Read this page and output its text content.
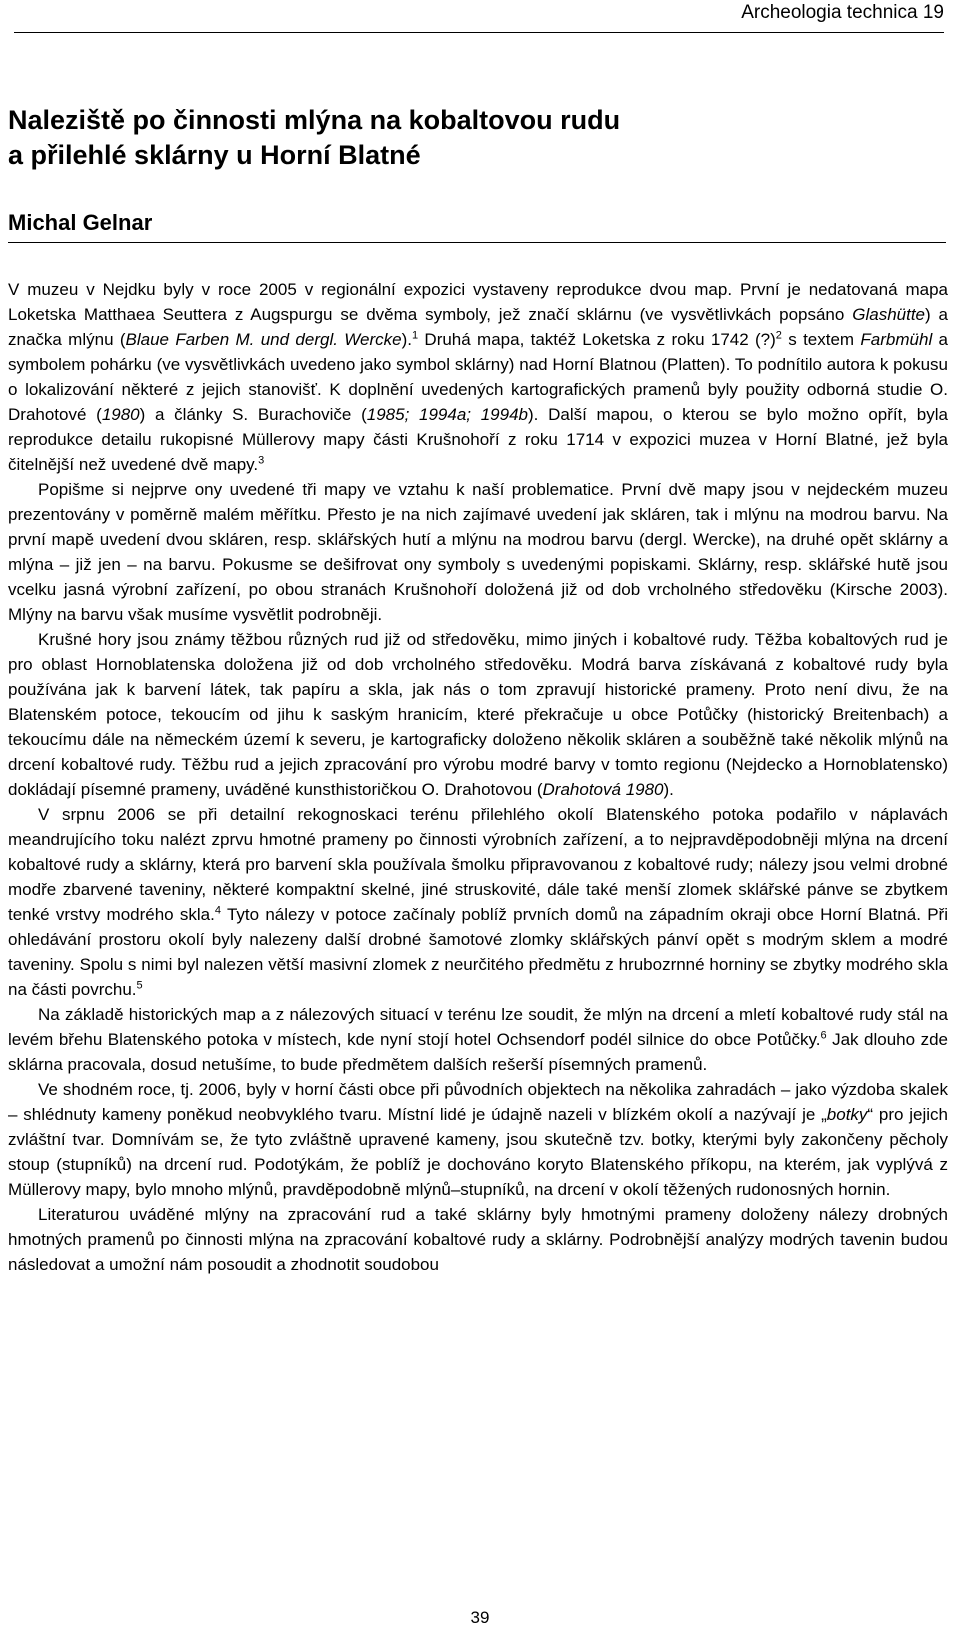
Archeologia technica 19
Naleziště po činnosti mlýna na kobaltovou rudu
a přilehlé sklárny u Horní Blatné
Michal Gelnar

V muzeu v Nejdku byly v roce 2005 v regionální expozici vystaveny reprodukce dvou map. První je nedatovaná mapa Loketska Matthaea Seuttera z Augspurgu se dvěma symboly, jež značí sklárnu (ve vysvětlivkách popsáno Glashütte) a značka mlýnu (Blaue Farben M. und dergl. Wercke).$^1$ Druhá mapa, taktéž Loketska z roku 1742 (?)$^2$ s textem Farbmühl a symbolem pohárku (ve vysvětlivkách uvedeno jako symbol sklárny) nad Horní Blatnou (Platten). To podnítilo autora k pokusu o lokalizování některé z jejich stanovišť. K doplnění uvedených kartografických pramenů byly použity odborná studie O. Drahotové (1980) a články S. Burachoviče (1985; 1994a; 1994b). Další mapou, o kterou se bylo možno opřít, byla reprodukce detailu rukopisné Müllerovy mapy části Krušnohoří z roku 1714 v expozici muzea v Horní Blatné, jež byla čitelnější než uvedené dvě mapy.$^3$

Popišme si nejprve ony uvedené tři mapy ve vztahu k naší problematice. První dvě mapy jsou v nejdeckém muzeu prezentovány v poměrně malém měřítku. Přesto je na nich zajímavé uvedení jak skláren, tak i mlýnu na modrou barvu. Na první mapě uvedení dvou skláren, resp. sklářských hutí a mlýnu na modrou barvu (dergl. Wercke), na druhé opět sklárny a mlýna – již jen – na barvu. Pokusme se dešifrovat ony symboly s uvedenými popiskami. Sklárny, resp. sklářské hutě jsou vcelku jasná výrobní zařízení, po obou stranách Krušnohoří doložená již od dob vrcholného středověku (Kirsche 2003). Mlýny na barvu však musíme vysvětlit podrobněji.

Krušné hory jsou známy těžbou různých rud již od středověku, mimo jiných i kobaltové rudy. Těžba kobaltových rud je pro oblast Hornoblatenska doložena již od dob vrcholného středověku. Modrá barva získávaná z kobaltové rudy byla používána jak k barvení látek, tak papíru a skla, jak nás o tom zpravují historické prameny. Proto není divu, že na Blatenském potoce, tekoucím od jihu k saským hranicím, které překračuje u obce Potůčky (historický Breitenbach) a tekoucímu dále na německém území k severu, je kartograficky doloženo několik skláren a souběžně také několik mlýnů na drcení kobaltové rudy. Těžbu rud a jejich zpracování pro výrobu modré barvy v tomto regionu (Nejdecko a Hornoblatensko) dokládají písemné prameny, uváděné kunsthistoričkou O. Drahotovou (Drahotová 1980).

V srpnu 2006 se při detailní rekognoskaci terénu přilehlého okolí Blatenského potoka podařilo v náplavách meandrujícího toku nalézt zprvu hmotné prameny po činnosti výrobních zařízení, a to nejpravděpodobněji mlýna na drcení kobaltové rudy a sklárny, která pro barvení skla používala šmolku připravovanou z kobaltové rudy; nálezy jsou velmi drobné modře zbarvené taveniny, některé kompaktní skelné, jiné struskovité, dále také menší zlomek sklářské pánve se zbytkem tenké vrstvy modrého skla.$^4$ Tyto nálezy v potoce začínaly poblíž prvních domů na západním okraji obce Horní Blatná. Při ohledávání prostoru okolí byly nalezeny další drobné šamotové zlomky sklářských pánví opět s modrým sklem a modré taveniny. Spolu s nimi byl nalezen větší masivní zlomek z neurčitého předmětu z hrubozrnné horniny se zbytky modrého skla na části povrchu.$^5$

Na základě historických map a z nálezových situací v terénu lze soudit, že mlýn na drcení a mletí kobaltové rudy stál na levém břehu Blatenského potoka v místech, kde nyní stojí hotel Ochsendorf podél silnice do obce Potůčky.$^6$ Jak dlouho zde sklárna pracovala, dosud netušíme, to bude předmětem dalších rešerší písemných pramenů.

Ve shodném roce, tj. 2006, byly v horní části obce při původních objektech na několika zahradách – jako výzdoba skalek – shlédnuty kameny poněkud neobvyklého tvaru. Místní lidé je údajně nazeli v blízkém okolí a nazývají je „botky“ pro jejich zvláštní tvar. Domnívám se, že tyto zvláštně upravené kameny, jsou skutečně tzv. botky, kterými byly zakončeny pěcholy stoup (stupníků) na drcení rud. Podotýkám, že poblíž je dochováno koryto Blatenského příkopu, na kterém, jak vyplývá z Müllerovy mapy, bylo mnoho mlýnů, pravděpodobně mlýnů–stupníků, na drcení v okolí těžených rudonosných hornin.

Literaturou uváděné mlýny na zpracování rud a také sklárny byly hmotnými prameny doloženy nálezy drobných hmotných pramenů po činnosti mlýna na zpracování kobaltové rudy a sklárny. Podrobnější analýzy modrých tavenin budou následovat a umožní nám posoudit a zhodnotit soudobou

39
